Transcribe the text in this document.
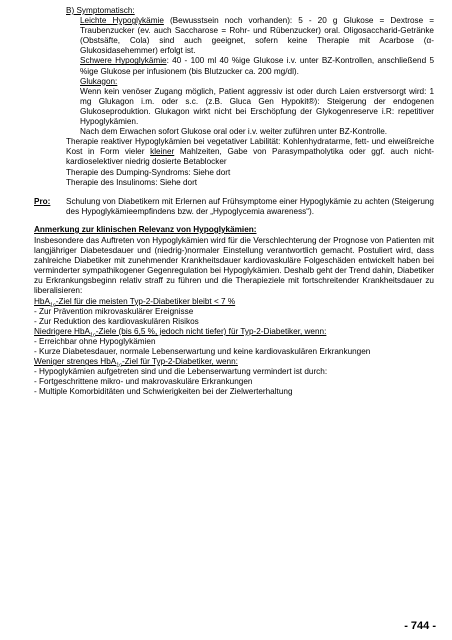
B) Symptomatisch:

Leichte Hypoglykämie (Bewusstsein noch vorhanden): 5 - 20 g Glukose = Dextrose = Traubenzucker (ev. auch Saccharose = Rohr- und Rübenzucker) oral. Oligosaccharid-Getränke (Obstsäfte, Cola) sind auch geeignet, sofern keine Therapie mit Acarbose (α-Glukosidasehemmer) erfolgt ist.

Schwere Hypoglykämie: 40 - 100 ml 40 %ige Glukose i.v. unter BZ-Kontrollen, anschließend 5 %ige Glukose per infusionem (bis Blutzucker ca. 200 mg/dl).

Glukagon:

Wenn kein venöser Zugang möglich, Patient aggressiv ist oder durch Laien erstversorgt wird: 1 mg Glukagon i.m. oder s.c. (z.B. Gluca Gen Hypokit®): Steigerung der endogenen Glukoseproduktion. Glukagon wirkt nicht bei Erschöpfung der Glykogenreserve i.R: repetitiver Hypoglykämien.

Nach dem Erwachen sofort Glukose oral oder i.v. weiter zuführen unter BZ-Kontrolle.

Therapie reaktiver Hypoglykämien bei vegetativer Labilität: Kohlenhydratarme, fett- und eiweißreiche Kost in Form vieler kleiner Mahlzeiten, Gabe von Parasympatholytika oder ggf. auch nicht-kardioselektiver niedrig dosierte Betablocker

Therapie des Dumping-Syndroms: Siehe dort

Therapie des Insulinoms: Siehe dort

Pro: Schulung von Diabetikern mit Erlernen auf Frühsymptome einer Hypoglykämie zu achten (Steigerung des Hypoglykämieempfindens bzw. der „Hypoglycemia awareness“).
Anmerkung zur klinischen Relevanz von Hypoglykämien:

Insbesondere das Auftreten von Hypoglykämien wird für die Verschlechterung der Prognose von Patienten mit langjähriger Diabetesdauer und (niedrig-)normaler Einstellung verantwortlich gemacht. Postuliert wird, dass zahlreiche Diabetiker mit zunehmender Krankheitsdauer kardiovaskuläre Folgeschäden entwickelt haben bei verminderter sympathikogener Gegenregulation bei Hypoglykämien. Deshalb geht der Trend dahin, Diabetiker zu Erkrankungsbeginn relativ straff zu führen und die Therapieziele mit fortschreitender Krankheitsdauer zu liberalisieren:

HbA$_{1c}$-Ziel für die meisten Typ-2-Diabetiker bleibt < 7 %

- Zur Prävention mikrovaskulärer Ereignisse

- Zur Reduktion des kardiovaskulären Risikos

Niedrigere HbA$_{1c}$-Ziele (bis 6,5 %, jedoch nicht tiefer) für Typ-2-Diabetiker, wenn:

- Erreichbar ohne Hypoglykämien

- Kurze Diabetesdauer, normale Lebenserwartung und keine kardiovaskulären Erkrankungen

Weniger strenges HbA$_{1c}$-Ziel für Typ-2-Diabetiker, wenn:

- Hypoglykämien aufgetreten sind und die Lebenserwartung vermindert ist durch:

- Fortgeschrittene mikro- und makrovaskuläre Erkrankungen

- Multiple Komorbiditäten und Schwierigkeiten bei der Zielwerterhaltung

- 744 -
